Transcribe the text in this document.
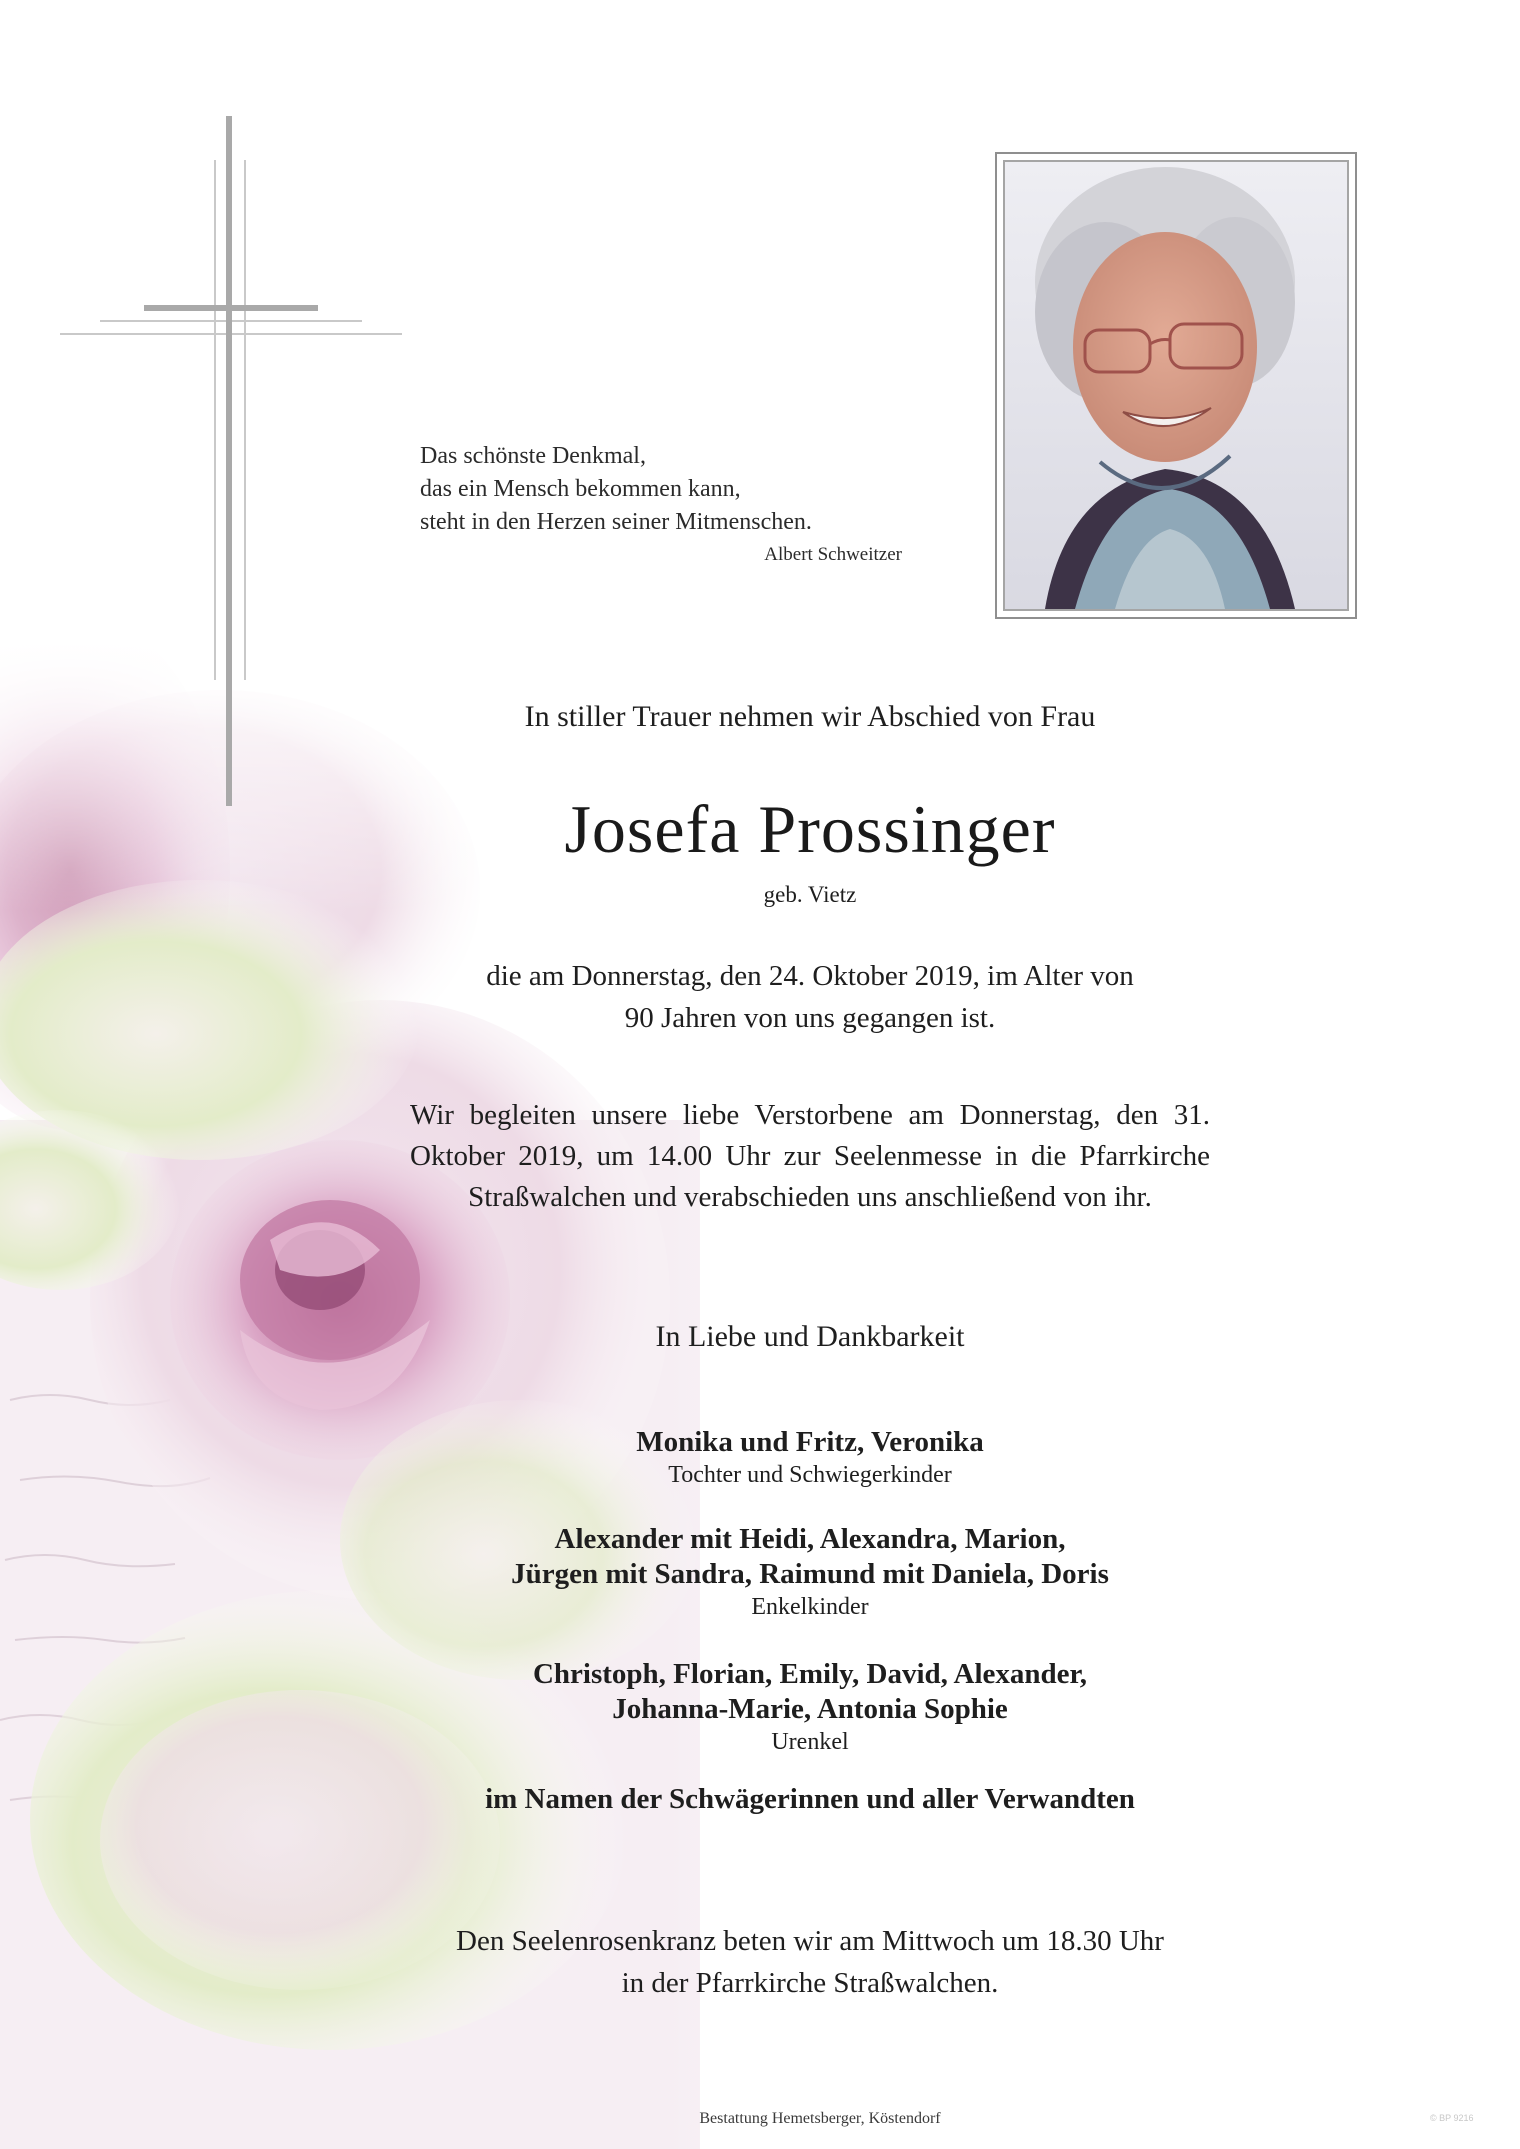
Das schönste Denkmal,
das ein Mensch bekommen kann,
steht in den Herzen seiner Mitmenschen.
Albert Schweitzer
In stiller Trauer nehmen wir Abschied von Frau
Josefa Prossinger
geb. Vietz
die am Donnerstag, den 24. Oktober 2019, im Alter von
90 Jahren von uns gegangen ist.
Wir begleiten unsere liebe Verstorbene am Donnerstag, den 31. Oktober 2019, um 14.00 Uhr zur Seelenmesse in die Pfarrkirche Straßwalchen und verabschieden uns anschließend von ihr.
In Liebe und Dankbarkeit
Monika und Fritz, Veronika
Tochter und Schwiegerkinder
Alexander mit Heidi, Alexandra, Marion,
Jürgen mit Sandra, Raimund mit Daniela, Doris
Enkelkinder
Christoph, Florian, Emily, David, Alexander,
Johanna-Marie, Antonia Sophie
Urenkel
im Namen der Schwägerinnen und aller Verwandten
Den Seelenrosenkranz beten wir am Mittwoch um 18.30 Uhr
in der Pfarrkirche Straßwalchen.
Bestattung Hemetsberger, Köstendorf	© BP 9216
